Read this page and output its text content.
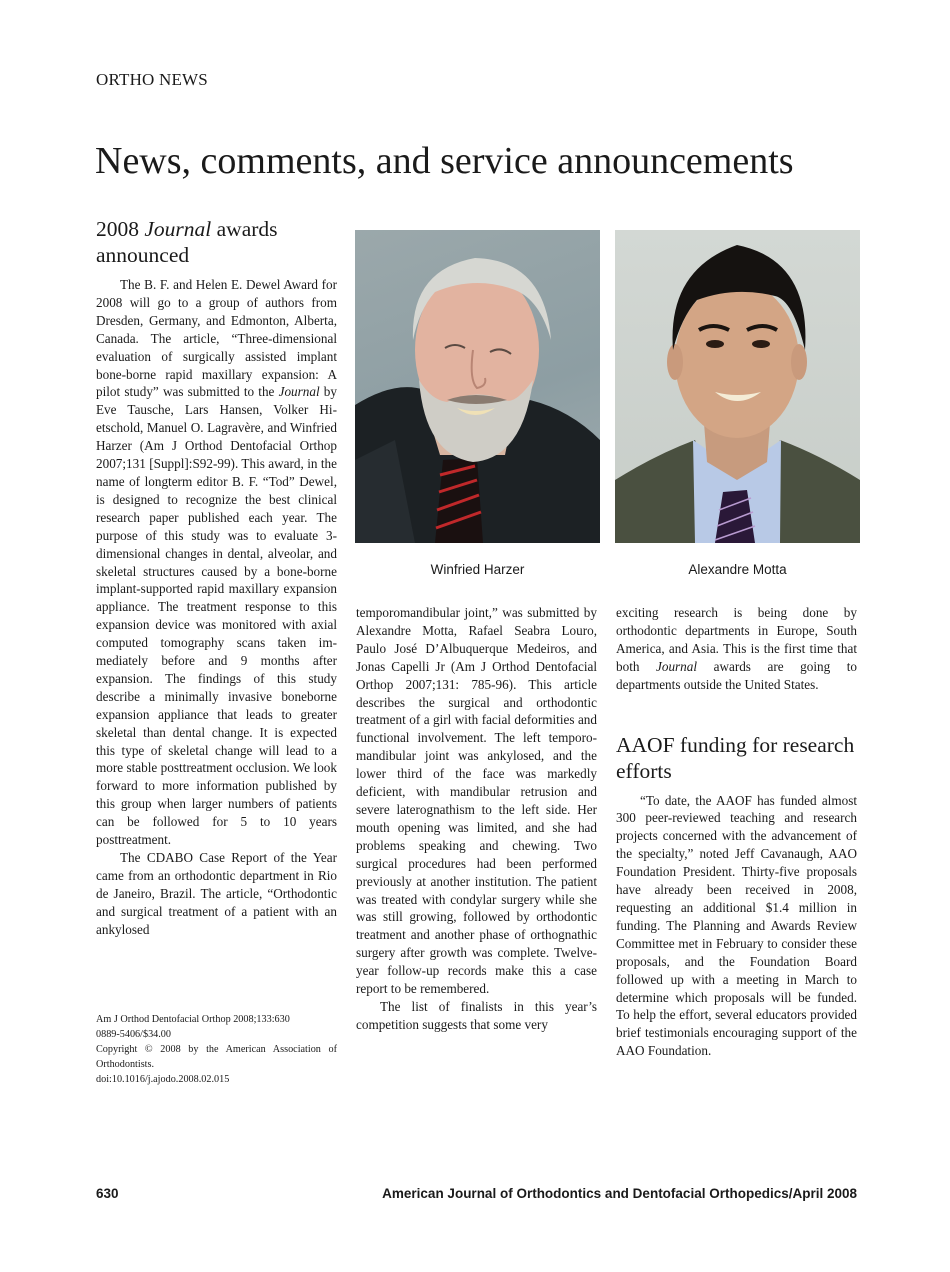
ORTHO NEWS
News, comments, and service announcements
2008 Journal awards announced

The B. F. and Helen E. Dewel Award for 2008 will go to a group of authors from Dresden, Germany, and Edmonton, Alberta, Canada. The article, “Three-dimensional evaluation of surgically assisted implant bone-borne rapid maxillary expansion: A pilot study” was submitted to the Journal by Eve Tausche, Lars Hansen, Volker Hietschold, Manuel O. Lagravère, and Winfried Harzer (Am J Orthod Dentofacial Orthop 2007;131 [Suppl]:S92-99). This award, in the name of longterm editor B. F. “Tod” Dewel, is designed to recognize the best clinical research paper published each year. The purpose of this study was to evaluate 3-dimensional changes in dental, alveolar, and skeletal structures caused by a bone-borne implant-supported rapid maxillary expansion appliance. The treatment response to this expansion device was monitored with axial computed tomography scans taken immediately before and 9 months after expansion. The findings of this study describe a minimally invasive boneborne expansion appliance that leads to greater skeletal than dental change. It is expected this type of skeletal change will lead to a more stable posttreatment occlusion. We look forward to more information published by this group when larger numbers of patients can be followed for 5 to 10 years posttreatment.

The CDABO Case Report of the Year came from an orthodontic department in Rio de Janeiro, Brazil. The article, “Orthodontic and surgical treatment of a patient with an ankylosed

Am J Orthod Dentofacial Orthop 2008;133:630
0889-5406/$34.00
Copyright © 2008 by the American Association of Orthodontists.
doi:10.1016/j.ajodo.2008.02.015
Winfried Harzer	Alexandre Motta

temporomandibular joint,” was submitted by Alexandre Motta, Rafael Seabra Louro, Paulo José D’Albuquerque Medeiros, and Jonas Capelli Jr (Am J Orthod Dentofacial Orthop 2007;131: 785-96). This article describes the surgical and orthodontic treatment of a girl with facial deformities and functional involvement. The left temporomandibular joint was ankylosed, and the lower third of the face was markedly deficient, with mandibular retrusion and severe laterognathism to the left side. Her mouth opening was limited, and she had problems speaking and chewing. Two surgical procedures had been performed previously at another institution. The patient was treated with condylar surgery while she was still growing, followed by orthodontic treatment and another phase of orthognathic surgery after growth was complete. Twelve-year follow-up records make this a case report to be remembered.

The list of finalists in this year’s competition suggests that some very

exciting research is being done by orthodontic departments in Europe, South America, and Asia. This is the first time that both Journal awards are going to departments outside the United States.

AAOF funding for research efforts

“To date, the AAOF has funded almost 300 peer-reviewed teaching and research projects concerned with the advancement of the specialty,” noted Jeff Cavanaugh, AAO Foundation President. Thirty-five proposals have already been received in 2008, requesting an additional $1.4 million in funding. The Planning and Awards Review Committee met in February to consider these proposals, and the Foundation Board followed up with a meeting in March to determine which proposals will be funded. To help the effort, several educators provided brief testimonials encouraging support of the AAO Foundation.

630	American Journal of Orthodontics and Dentofacial Orthopedics/April 2008
